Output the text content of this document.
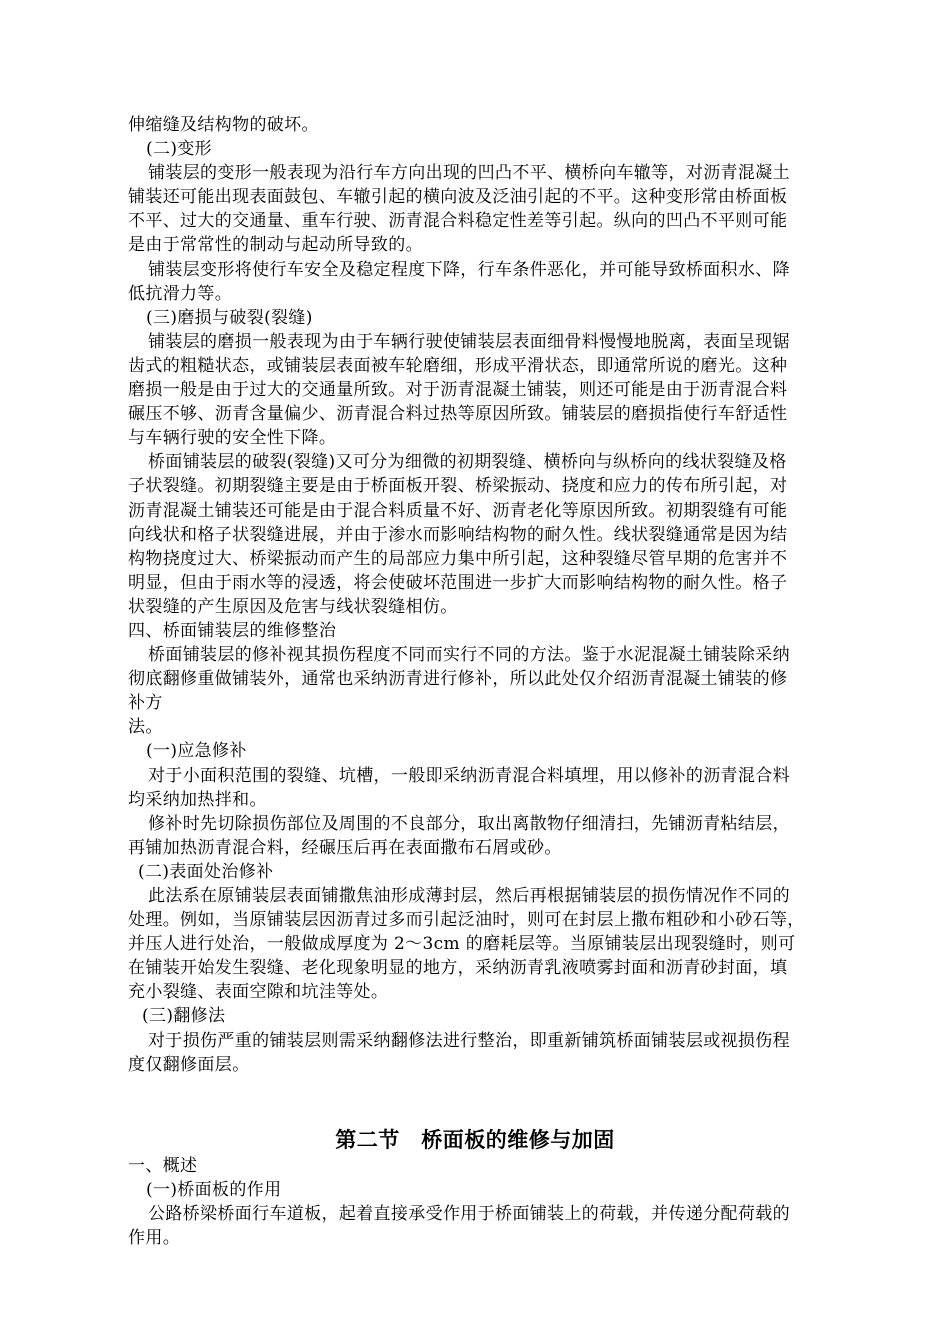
伸缩缝及结构物的破坏。
(二)变形
铺装层的变形一般表现为沿行车方向出现的凹凸不平、横桥向车辙等，对沥青混凝土
铺装还可能出现表面鼓包、车辙引起的横向波及泛油引起的不平。这种变形常由桥面板
不平、过大的交通量、重车行驶、沥青混合料稳定性差等引起。纵向的凹凸不平则可能
是由于常常性的制动与起动所导致的。
铺装层变形将使行车安全及稳定程度下降，行车条件恶化，并可能导致桥面积水、降
低抗滑力等。
(三)磨损与破裂(裂缝)
铺装层的磨损一般表现为由于车辆行驶使铺装层表面细骨料慢慢地脱离，表面呈现锯
齿式的粗糙状态，或铺装层表面被车轮磨细，形成平滑状态，即通常所说的磨光。这种
磨损一般是由于过大的交通量所致。对于沥青混凝土铺装，则还可能是由于沥青混合料
碾压不够、沥青含量偏少、沥青混合料过热等原因所致。铺装层的磨损指使行车舒适性
与车辆行驶的安全性下降。
桥面铺装层的破裂(裂缝)又可分为细微的初期裂缝、横桥向与纵桥向的线状裂缝及格
子状裂缝。初期裂缝主要是由于桥面板开裂、桥梁振动、挠度和应力的传布所引起，对
沥青混凝土铺装还可能是由于混合料质量不好、沥青老化等原因所致。初期裂缝有可能
向线状和格子状裂缝进展，并由于渗水而影响结构物的耐久性。线状裂缝通常是因为结
构物挠度过大、桥梁振动而产生的局部应力集中所引起，这种裂缝尽管早期的危害并不
明显，但由于雨水等的浸透，将会使破坏范围进一步扩大而影响结构物的耐久性。格子
状裂缝的产生原因及危害与线状裂缝相仿。
四、桥面铺装层的维修整治
桥面铺装层的修补视其损伤程度不同而实行不同的方法。鉴于水泥混凝土铺装除采纳
彻底翻修重做铺装外，通常也采纳沥青进行修补，所以此处仅介绍沥青混凝土铺装的修
补方
法。
(一)应急修补
对于小面积范围的裂缝、坑槽，一般即采纳沥青混合料填埋，用以修补的沥青混合料
均采纳加热拌和。
修补时先切除损伤部位及周围的不良部分，取出离散物仔细清扫，先铺沥青粘结层，
再铺加热沥青混合料，经碾压后再在表面撒布石屑或砂。
(二)表面处治修补
此法系在原铺装层表面铺撒焦油形成薄封层，然后再根据铺装层的损伤情况作不同的
处理。例如，当原铺装层因沥青过多而引起泛油时，则可在封层上撒布粗砂和小砂石等，
并压人进行处治，一般做成厚度为 2～3cm 的磨耗层等。当原铺装层出现裂缝时，则可
在铺装开始发生裂缝、老化现象明显的地方，采纳沥青乳液喷雾封面和沥青砂封面，填
充小裂缝、表面空隙和坑洼等处。
(三)翻修法
对于损伤严重的铺装层则需采纳翻修法进行整治，即重新铺筑桥面铺装层或视损伤程
度仅翻修面层。
第二节　桥面板的维修与加固
一、概述
(一)桥面板的作用
公路桥梁桥面行车道板，起着直接承受作用于桥面铺装上的荷载，并传递分配荷载的
作用。
